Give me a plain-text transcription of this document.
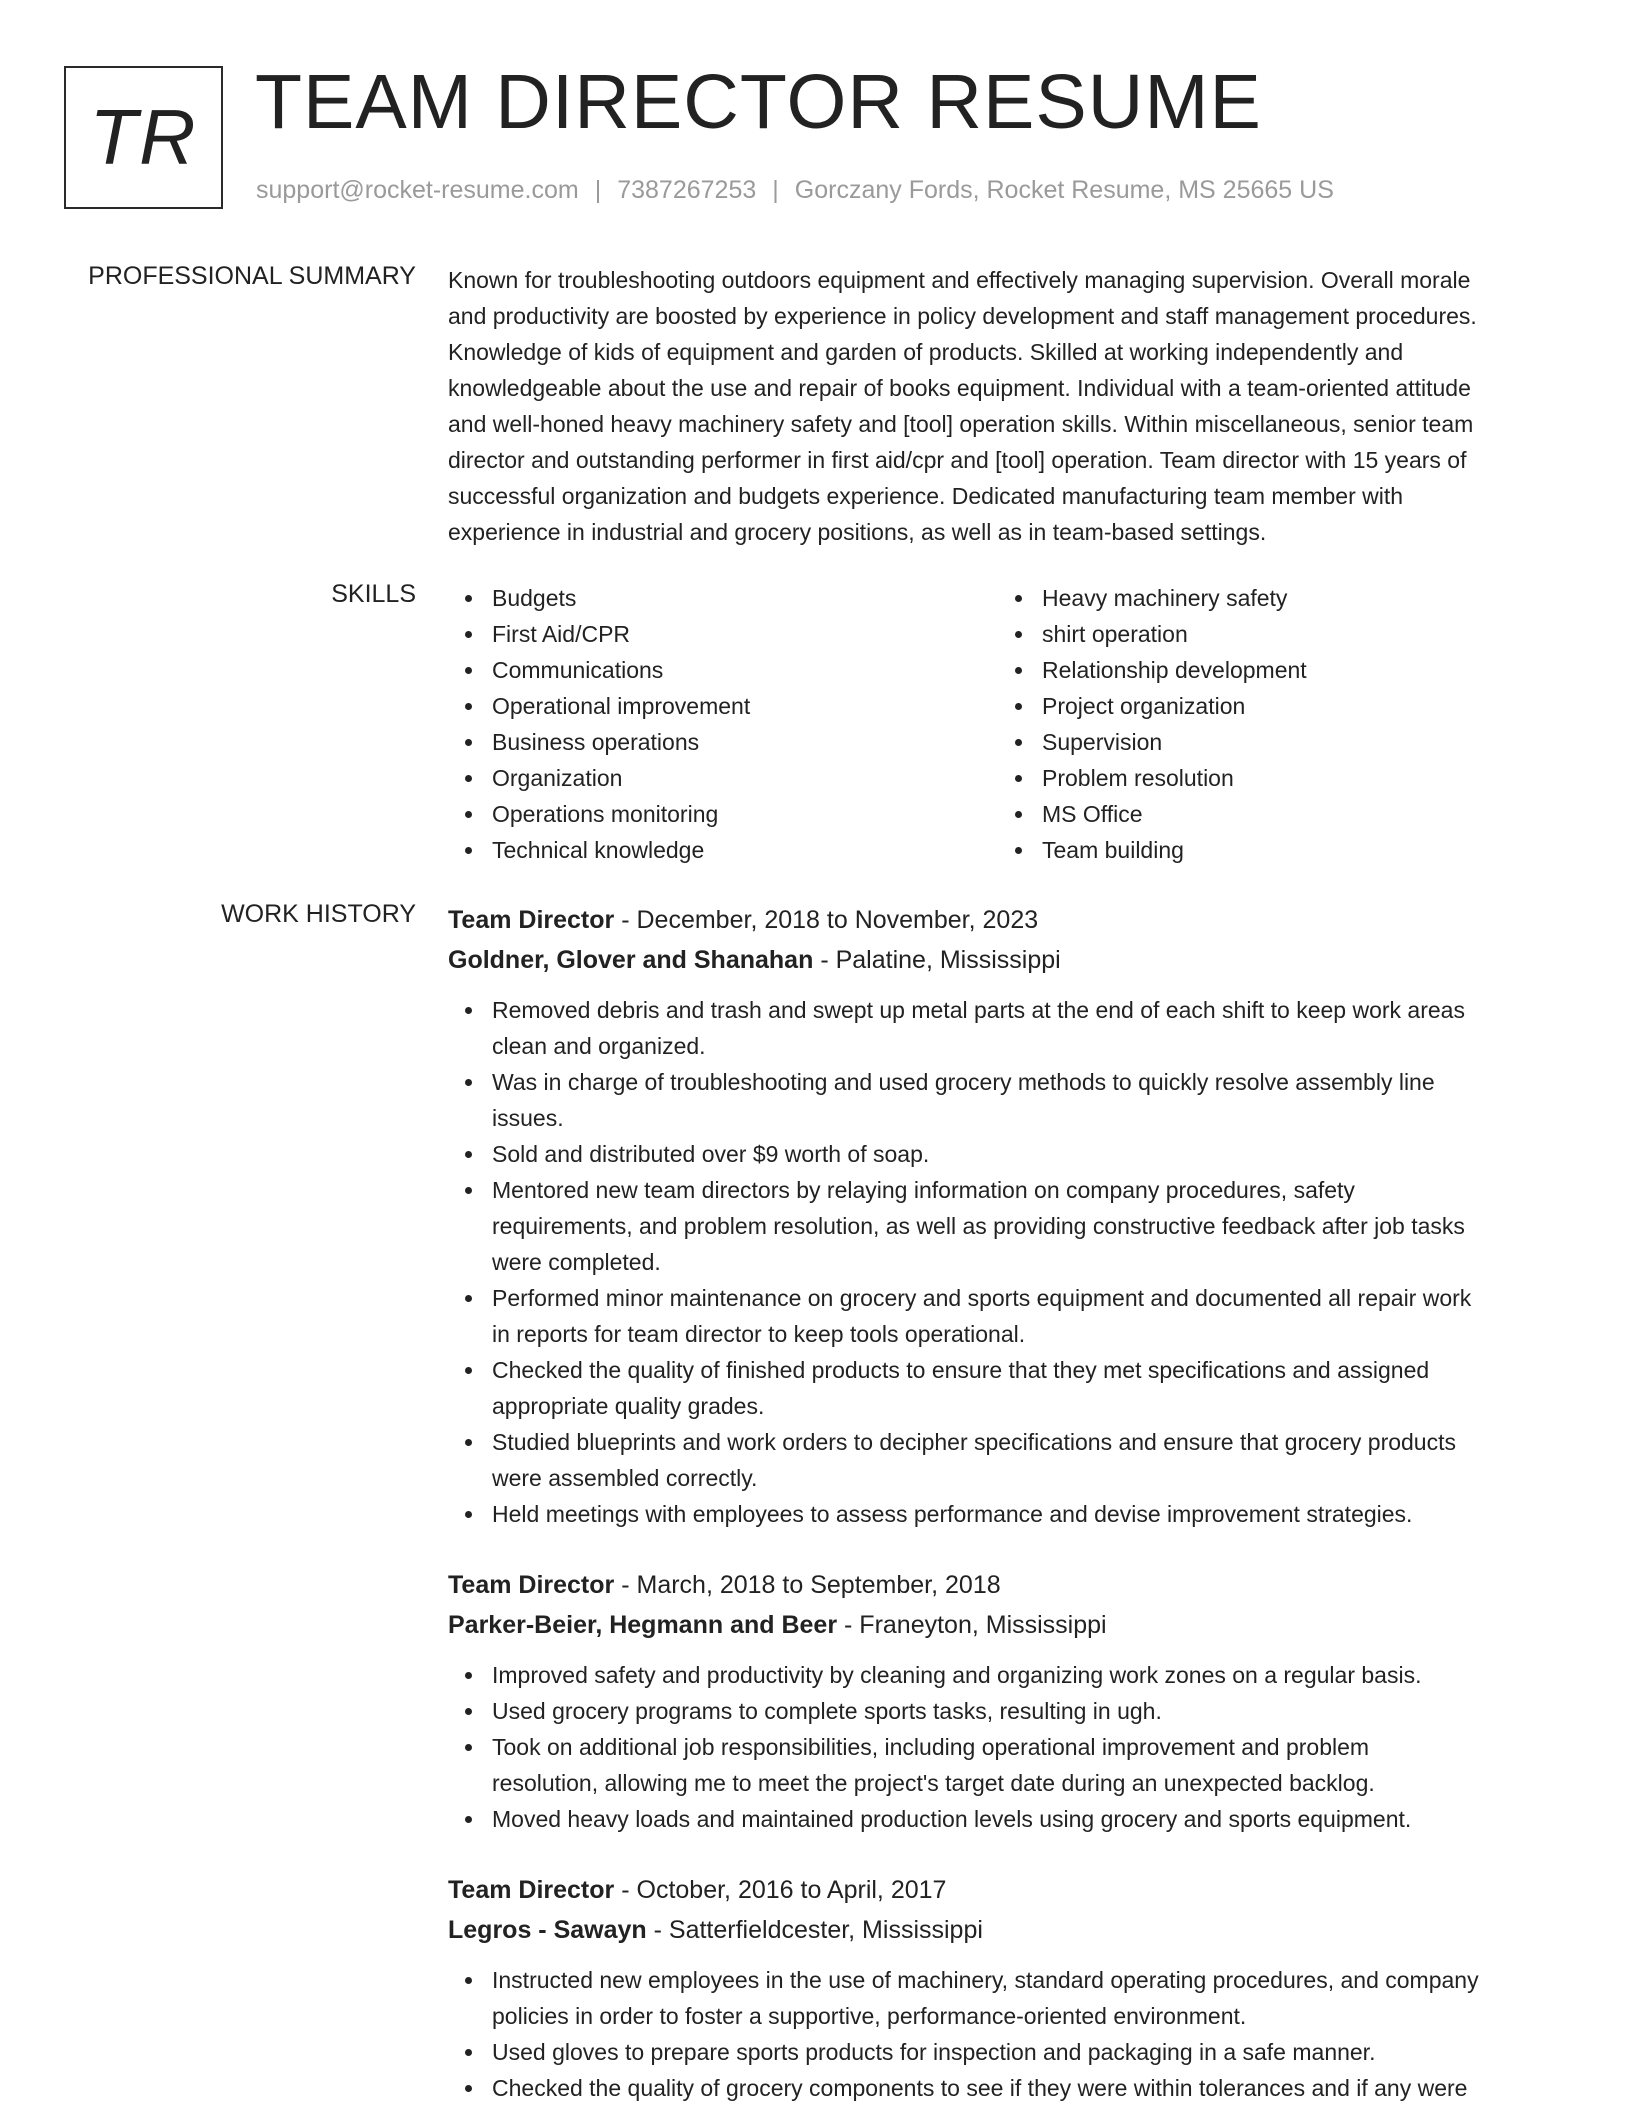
TR TEAM DIRECTOR RESUME
support@rocket-resume.com | 7387267253 | Gorczany Fords, Rocket Resume, MS 25665 US
PROFESSIONAL SUMMARY Known for troubleshooting outdoors equipment and effectively managing supervision. Overall morale
and productivity are boosted by experience in policy development and staff management procedures.
Knowledge of kids of equipment and garden of products. Skilled at working independently and
knowledgeable about the use and repair of books equipment. Individual with a team-oriented attitude
and well-honed heavy machinery safety and [tool] operation skills. Within miscellaneous, senior team
director and outstanding performer in first aid/cpr and [tool] operation. Team director with 15 years of
successful organization and budgets experience. Dedicated manufacturing team member with
experience in industrial and grocery positions, as well as in team-based settings.
SKILLS	Budgets
First Aid/CPR
Communications
Operational improvement
Business operations
Organization
Operations monitoring
Technical knowledge
Heavy machinery safety
shirt operation
Relationship development
Project organization
Supervision
Problem resolution
MS Office
Team building
WORK HISTORY Team Director - December, 2018 to November, 2023
Goldner, Glover and Shanahan - Palatine, Mississippi
Removed debris and trash and swept up metal parts at the end of each shift to keep work areas
clean and organized.
Was in charge of troubleshooting and used grocery methods to quickly resolve assembly line
issues.
Sold and distributed over $9 worth of soap.
Mentored new team directors by relaying information on company procedures, safety
requirements, and problem resolution, as well as providing constructive feedback after job tasks
were completed.
Performed minor maintenance on grocery and sports equipment and documented all repair work
in reports for team director to keep tools operational.
Checked the quality of finished products to ensure that they met specifications and assigned
appropriate quality grades.
Studied blueprints and work orders to decipher specifications and ensure that grocery products
were assembled correctly.
Held meetings with employees to assess performance and devise improvement strategies.
Team Director - March, 2018 to September, 2018
Parker-Beier, Hegmann and Beer - Franeyton, Mississippi
Improved safety and productivity by cleaning and organizing work zones on a regular basis.
Used grocery programs to complete sports tasks, resulting in ugh.
Took on additional job responsibilities, including operational improvement and problem
resolution, allowing me to meet the project's target date during an unexpected backlog.
Moved heavy loads and maintained production levels using grocery and sports equipment.
Team Director - October, 2016 to April, 2017
Legros - Sawayn - Satterfieldcester, Mississippi
Instructed new employees in the use of machinery, standard operating procedures, and company
policies in order to foster a supportive, performance-oriented environment.
Used gloves to prepare sports products for inspection and packaging in a safe manner.
Checked the quality of grocery components to see if they were within tolerances and if any were
